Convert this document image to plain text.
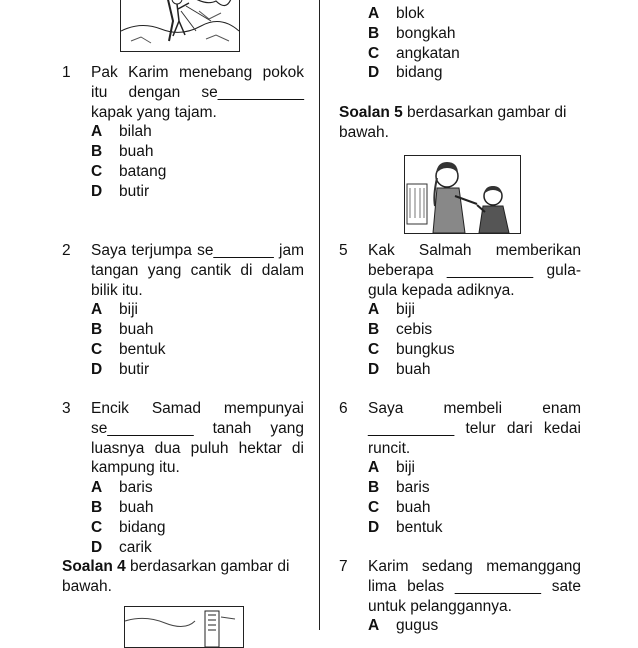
1	Pak Karim menebang pokok itu dengan se__________ kapak yang tajam.
A	bilah
B	buah
C	batang
D	butir
2	Saya terjumpa se_______ jam tangan yang cantik di dalam bilik itu.
A	biji
B	buah
C	bentuk
D	butir
3	Encik Samad mempunyai se__________ tanah yang luasnya dua puluh hektar di kampung itu.
A	baris
B	buah
C	bidang
D	carik
Soalan 4 berdasarkan gambar di bawah.
A	blok
B	bongkah
C	angkatan
D	bidang
Soalan 5 berdasarkan gambar di bawah.
5	Kak Salmah memberikan beberapa __________ gula-gula kepada adiknya.
A	biji
B	cebis
C	bungkus
D	buah
6	Saya membeli enam __________ telur dari kedai runcit.
A	biji
B	baris
C	buah
D	bentuk
7	Karim sedang memanggang lima belas __________ sate untuk pelanggannya.
A	gugus
